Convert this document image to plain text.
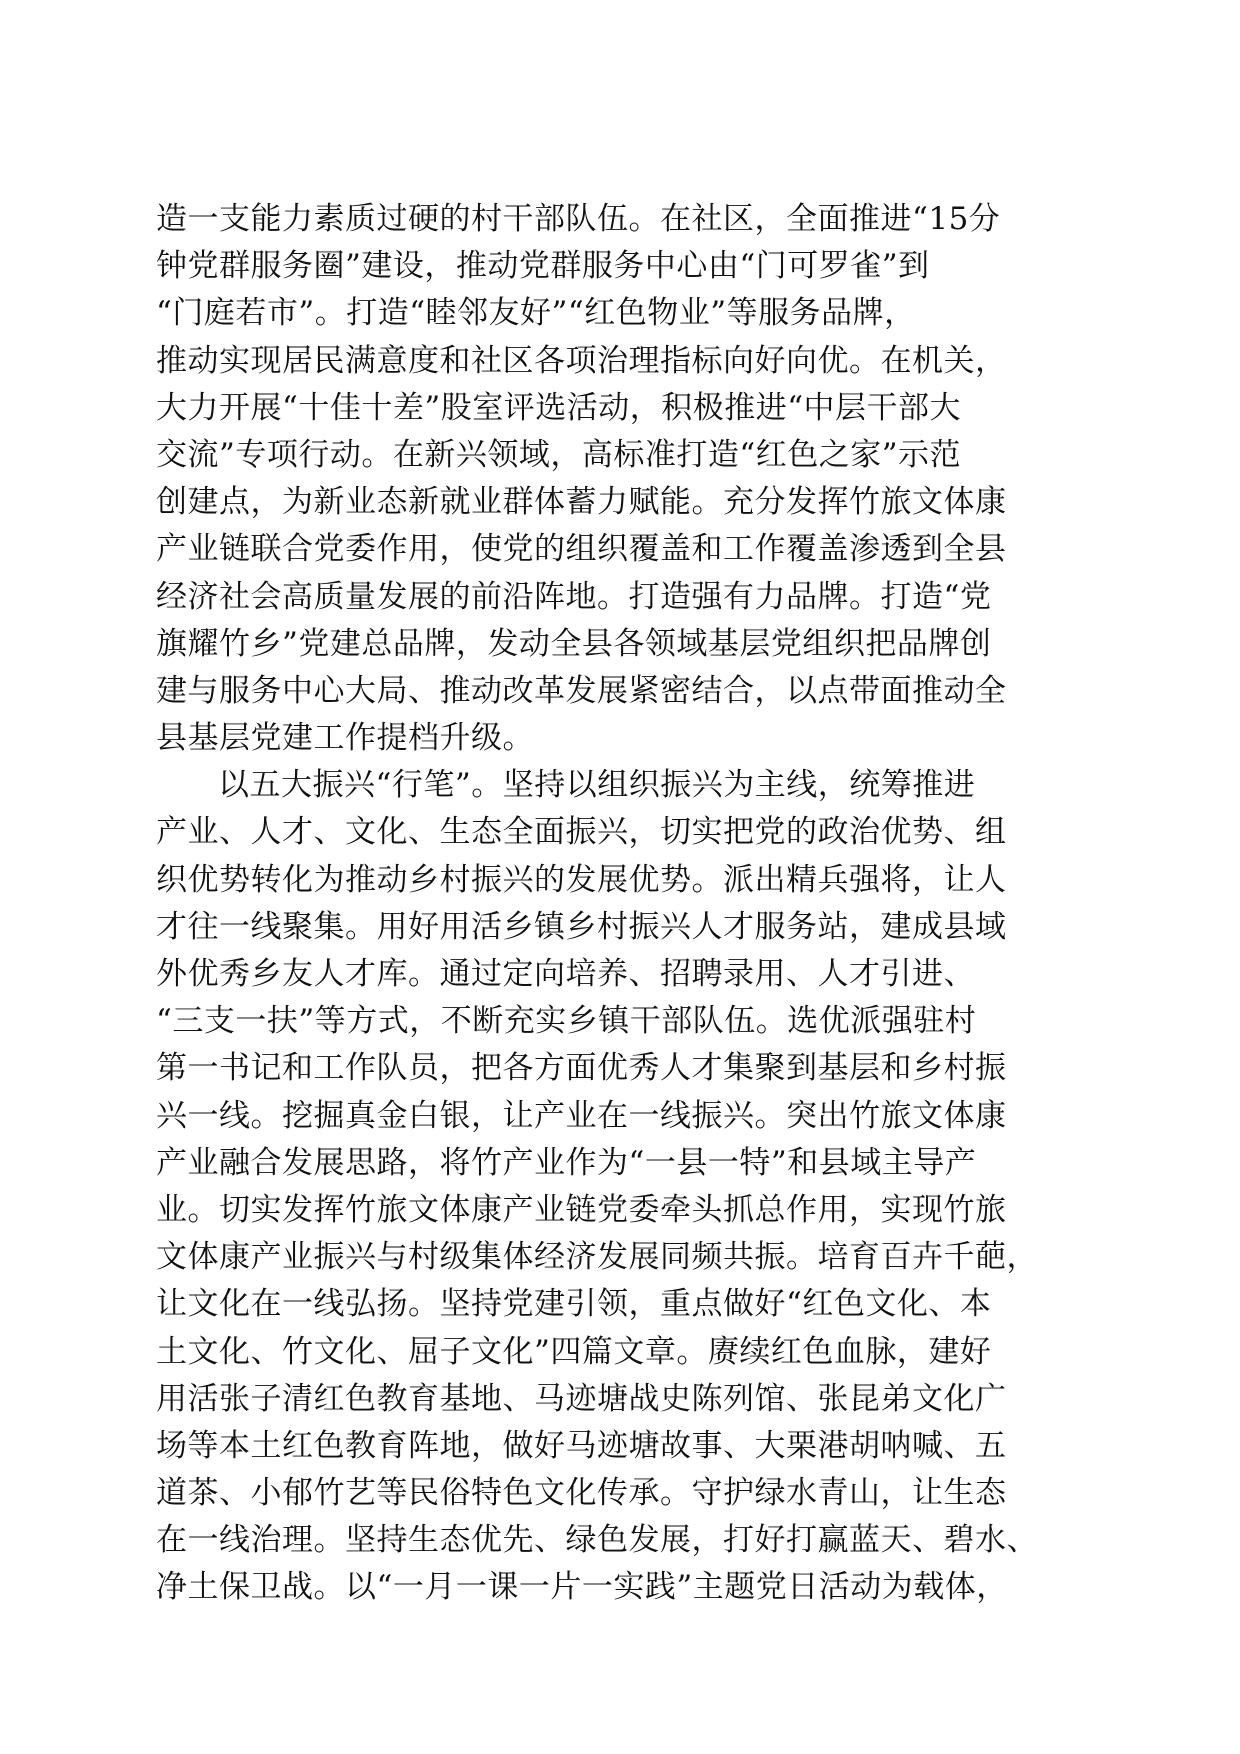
造一支能力素质过硬的村干部队伍。在社区，全面推进“15分
钟党群服务圈”建设，推动党群服务中心由“门可罗雀”到
“门庭若市”。打造“睦邻友好”“红色物业”等服务品牌，
推动实现居民满意度和社区各项治理指标向好向优。在机关，
大力开展“十佳十差”股室评选活动，积极推进“中层干部大
交流”专项行动。在新兴领域，高标准打造“红色之家”示范
创建点，为新业态新就业群体蓄力赋能。充分发挥竹旅文体康
产业链联合党委作用，使党的组织覆盖和工作覆盖渗透到全县
经济社会高质量发展的前沿阵地。打造强有力品牌。打造“党
旗耀竹乡”党建总品牌，发动全县各领域基层党组织把品牌创
建与服务中心大局、推动改革发展紧密结合，以点带面推动全
县基层党建工作提档升级。
以五大振兴“行笔”。坚持以组织振兴为主线，统筹推进
产业、人才、文化、生态全面振兴，切实把党的政治优势、组
织优势转化为推动乡村振兴的发展优势。派出精兵强将，让人
才往一线聚集。用好用活乡镇乡村振兴人才服务站，建成县域
外优秀乡友人才库。通过定向培养、招聘录用、人才引进、
“三支一扶”等方式，不断充实乡镇干部队伍。选优派强驻村
第一书记和工作队员，把各方面优秀人才集聚到基层和乡村振
兴一线。挖掘真金白银，让产业在一线振兴。突出竹旅文体康
产业融合发展思路，将竹产业作为“一县一特”和县域主导产
业。切实发挥竹旅文体康产业链党委牵头抓总作用，实现竹旅
文体康产业振兴与村级集体经济发展同频共振。培育百卉千葩，
让文化在一线弘扬。坚持党建引领，重点做好“红色文化、本
土文化、竹文化、屈子文化”四篇文章。赓续红色血脉，建好
用活张子清红色教育基地、马迹塘战史陈列馆、张昆弟文化广
场等本土红色教育阵地，做好马迹塘故事、大栗港胡呐喊、五
道茶、小郁竹艺等民俗特色文化传承。守护绿水青山，让生态
在一线治理。坚持生态优先、绿色发展，打好打赢蓝天、碧水、
净土保卫战。以“一月一课一片一实践”主题党日活动为载体，
